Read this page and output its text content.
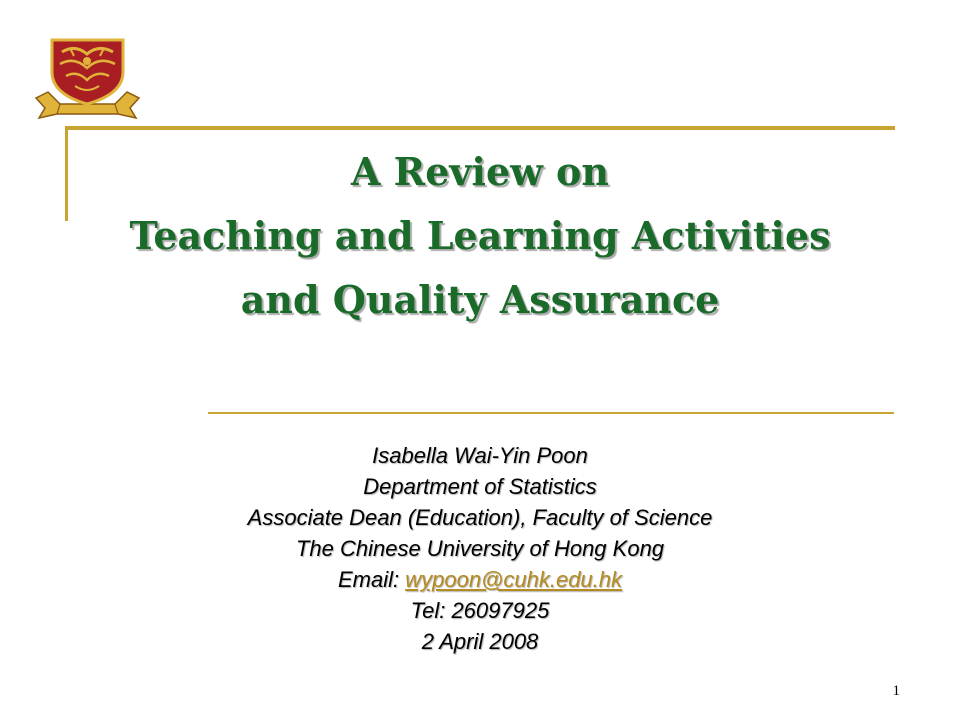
A Review on
Teaching and Learning Activities
and Quality Assurance
Isabella Wai-Yin Poon
Department of Statistics
Associate Dean (Education), Faculty of Science
The Chinese University of Hong Kong
Email: wypoon@cuhk.edu.hk
Tel: 26097925
2 April 2008
1
